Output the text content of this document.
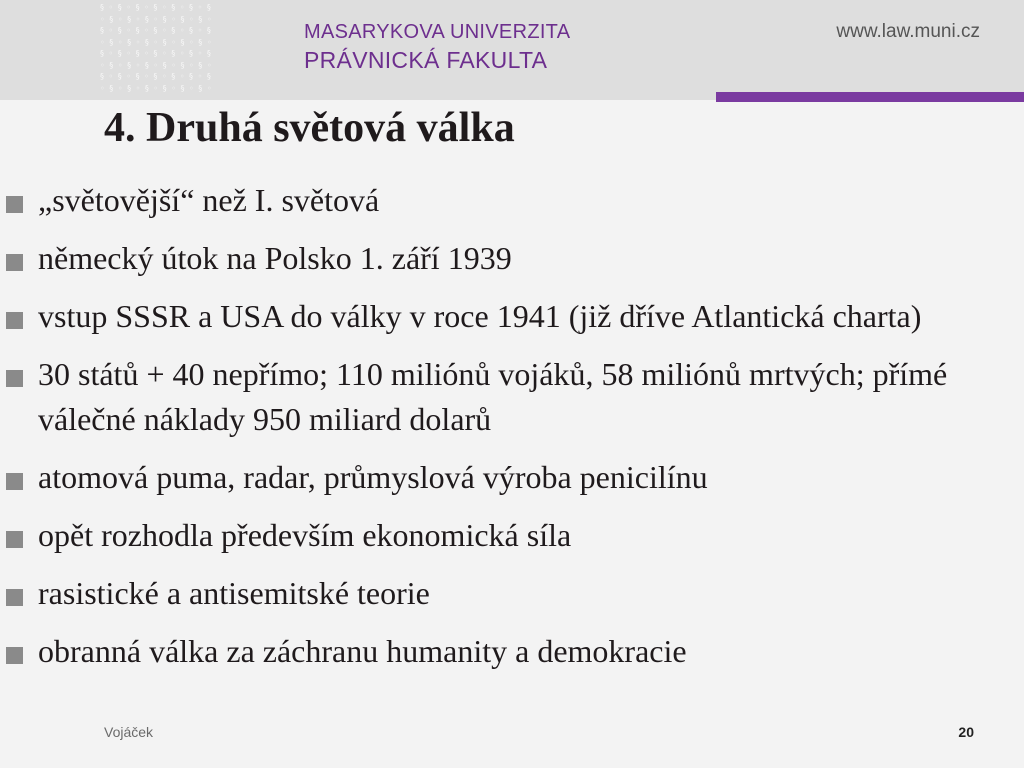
§ ◦ § ◦ § ◦ § ◦ § ◦ § ◦ §
◦ § ◦ § ◦ § ◦ § ◦ § ◦ § ◦
§ ◦ § ◦ § ◦ § ◦ § ◦ § ◦ §
◦ § ◦ § ◦ § ◦ § ◦ § ◦ § ◦
§ ◦ § ◦ § ◦ § ◦ § ◦ § ◦ §
◦ § ◦ § ◦ § ◦ § ◦ § ◦ § ◦
§ ◦ § ◦ § ◦ § ◦ § ◦ § ◦ §
◦ § ◦ § ◦ § ◦ § ◦ § ◦ § ◦
MASARYKOVA UNIVERZITA
PRÁVNICKÁ FAKULTA
www.law.muni.cz
4. Druhá světová válka
„světovější“ než I. světová
německý útok na Polsko 1. září 1939
vstup SSSR a USA do války v roce 1941 (již dříve Atlantická charta)
30 států + 40 nepřímo; 110 miliónů vojáků, 58 miliónů mrtvých; přímé válečné náklady 950 miliard dolarů
atomová puma, radar, průmyslová výroba penicilínu
opět rozhodla především ekonomická síla
rasistické a antisemitské teorie
obranná válka za záchranu humanity a demokracie
Vojáček	20
